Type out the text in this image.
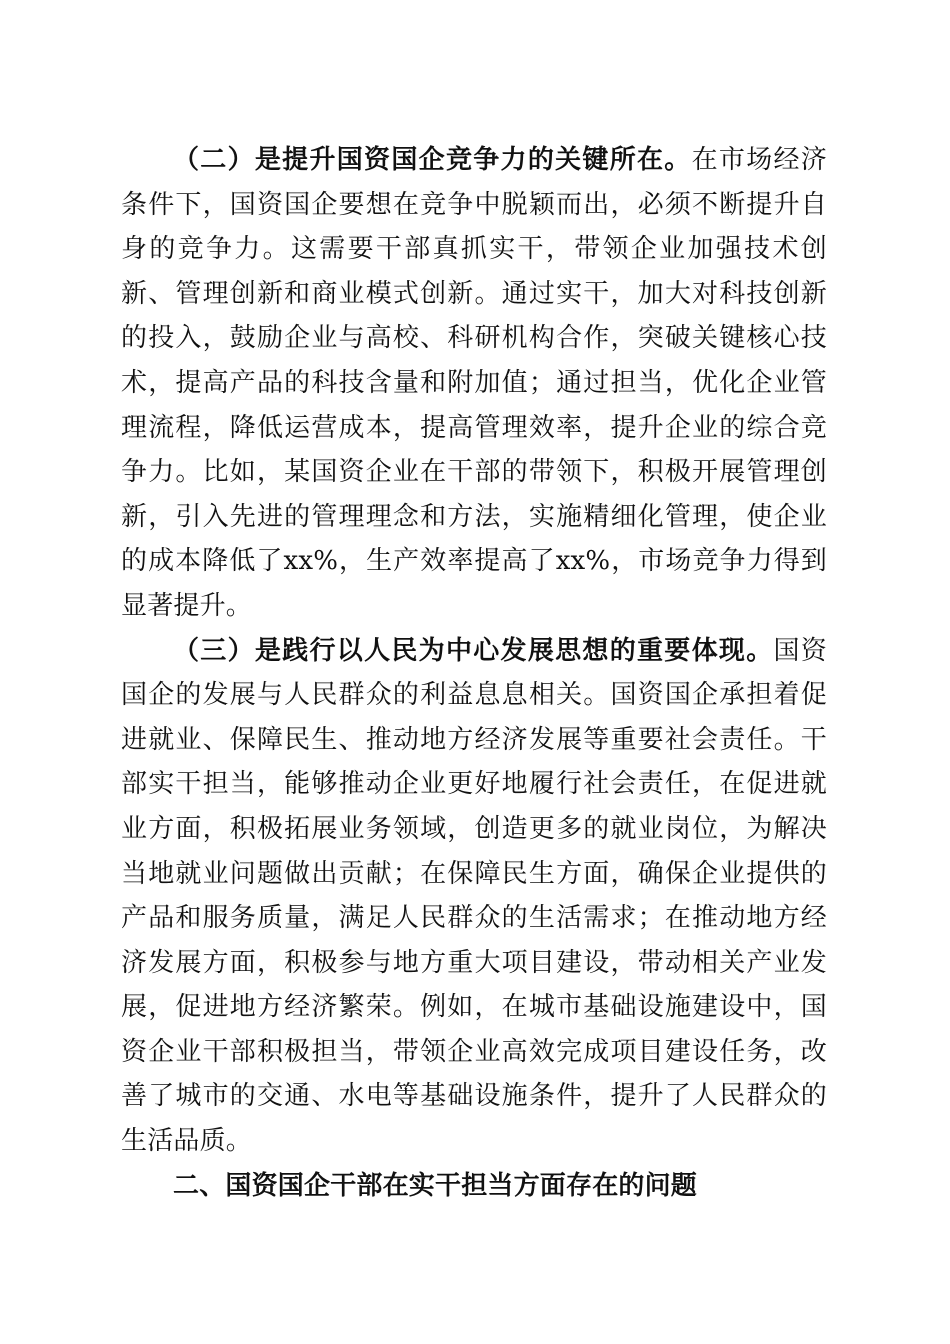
（二）是提升国资国企竞争力的关键所在。在市场经济条件下，国资国企要想在竞争中脱颖而出，必须不断提升自身的竞争力。这需要干部真抓实干，带领企业加强技术创新、管理创新和商业模式创新。通过实干，加大对科技创新的投入，鼓励企业与高校、科研机构合作，突破关键核心技术，提高产品的科技含量和附加值；通过担当，优化企业管理流程，降低运营成本，提高管理效率，提升企业的综合竞争力。比如，某国资企业在干部的带领下，积极开展管理创新，引入先进的管理理念和方法，实施精细化管理，使企业的成本降低了xx%，生产效率提高了xx%，市场竞争力得到显著提升。

（三）是践行以人民为中心发展思想的重要体现。国资国企的发展与人民群众的利益息息相关。国资国企承担着促进就业、保障民生、推动地方经济发展等重要社会责任。干部实干担当，能够推动企业更好地履行社会责任，在促进就业方面，积极拓展业务领域，创造更多的就业岗位，为解决当地就业问题做出贡献；在保障民生方面，确保企业提供的产品和服务质量，满足人民群众的生活需求；在推动地方经济发展方面，积极参与地方重大项目建设，带动相关产业发展，促进地方经济繁荣。例如，在城市基础设施建设中，国资企业干部积极担当，带领企业高效完成项目建设任务，改善了城市的交通、水电等基础设施条件，提升了人民群众的生活品质。

二、国资国企干部在实干担当方面存在的问题
